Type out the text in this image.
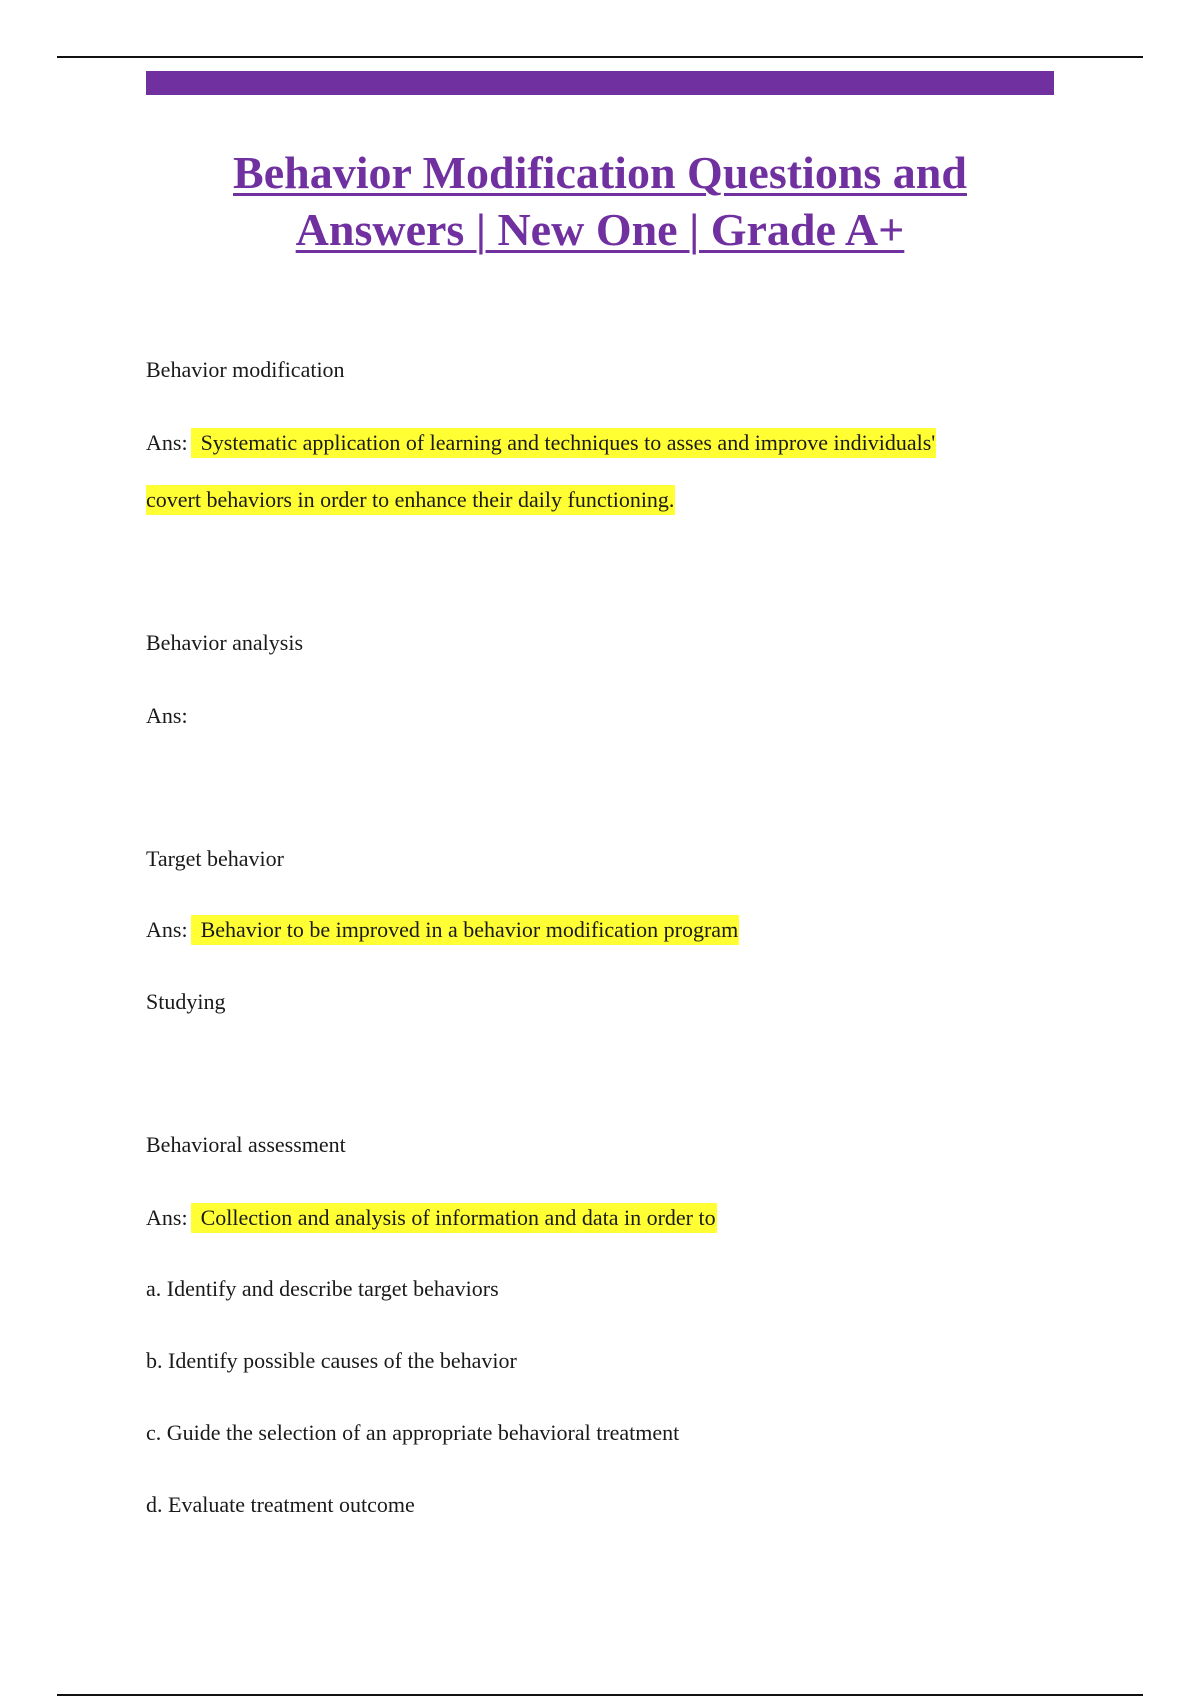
Behavior Modification Questions and
Answers | New One | Grade A+

Behavior modification

Ans: Systematic application of learning and techniques to asses and improve individuals'

covert behaviors in order to enhance their daily functioning.

Behavior analysis

Ans:

Target behavior

Ans: Behavior to be improved in a behavior modification program

Studying

Behavioral assessment

Ans: Collection and analysis of information and data in order to

a. Identify and describe target behaviors

b. Identify possible causes of the behavior

c. Guide the selection of an appropriate behavioral treatment

d. Evaluate treatment outcome
